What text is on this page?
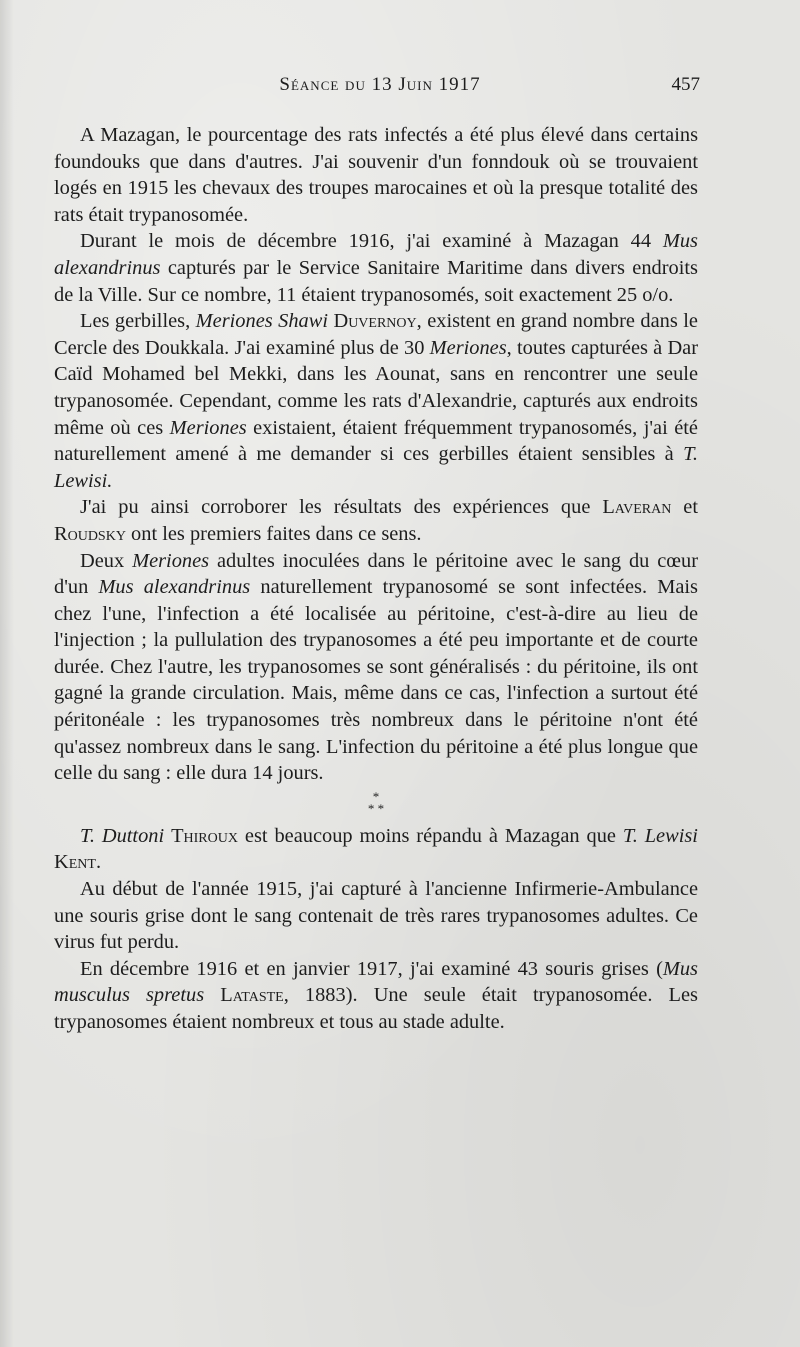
Séance du 13 Juin 1917	457

A Mazagan, le pourcentage des rats infectés a été plus élevé dans certains foundouks que dans d'autres. J'ai souvenir d'un fonndouk où se trouvaient logés en 1915 les chevaux des troupes marocaines et où la presque totalité des rats était trypanosomée.

Durant le mois de décembre 1916, j'ai examiné à Mazagan 44 Mus alexandrinus capturés par le Service Sanitaire Maritime dans divers endroits de la Ville. Sur ce nombre, 11 étaient trypanosomés, soit exactement 25 o/o.

Les gerbilles, Meriones Shawi Duvernoy, existent en grand nombre dans le Cercle des Doukkala. J'ai examiné plus de 30 Meriones, toutes capturées à Dar Caïd Mohamed bel Mekki, dans les Aounat, sans en rencontrer une seule trypanosomée. Cependant, comme les rats d'Alexandrie, capturés aux endroits même où ces Meriones existaient, étaient fréquemment trypanosomés, j'ai été naturellement amené à me demander si ces gerbilles étaient sensibles à T. Lewisi.

J'ai pu ainsi corroborer les résultats des expériences que Laveran et Roudsky ont les premiers faites dans ce sens.

Deux Meriones adultes inoculées dans le péritoine avec le sang du cœur d'un Mus alexandrinus naturellement trypanosomé se sont infectées. Mais chez l'une, l'infection a été localisée au péritoine, c'est-à-dire au lieu de l'injection ; la pullulation des trypanosomes a été peu importante et de courte durée. Chez l'autre, les trypanosomes se sont généralisés : du péritoine, ils ont gagné la grande circulation. Mais, même dans ce cas, l'infection a surtout été péritonéale : les trypanosomes très nombreux dans le péritoine n'ont été qu'assez nombreux dans le sang. L'infection du péritoine a été plus longue que celle du sang : elle dura 14 jours.

*
* *

T. Duttoni Thiroux est beaucoup moins répandu à Mazagan que T. Lewisi Kent.

Au début de l'année 1915, j'ai capturé à l'ancienne Infirmerie-Ambulance une souris grise dont le sang contenait de très rares trypanosomes adultes. Ce virus fut perdu.

En décembre 1916 et en janvier 1917, j'ai examiné 43 souris grises (Mus musculus spretus Lataste, 1883). Une seule était trypanosomée. Les trypanosomes étaient nombreux et tous au stade adulte.
